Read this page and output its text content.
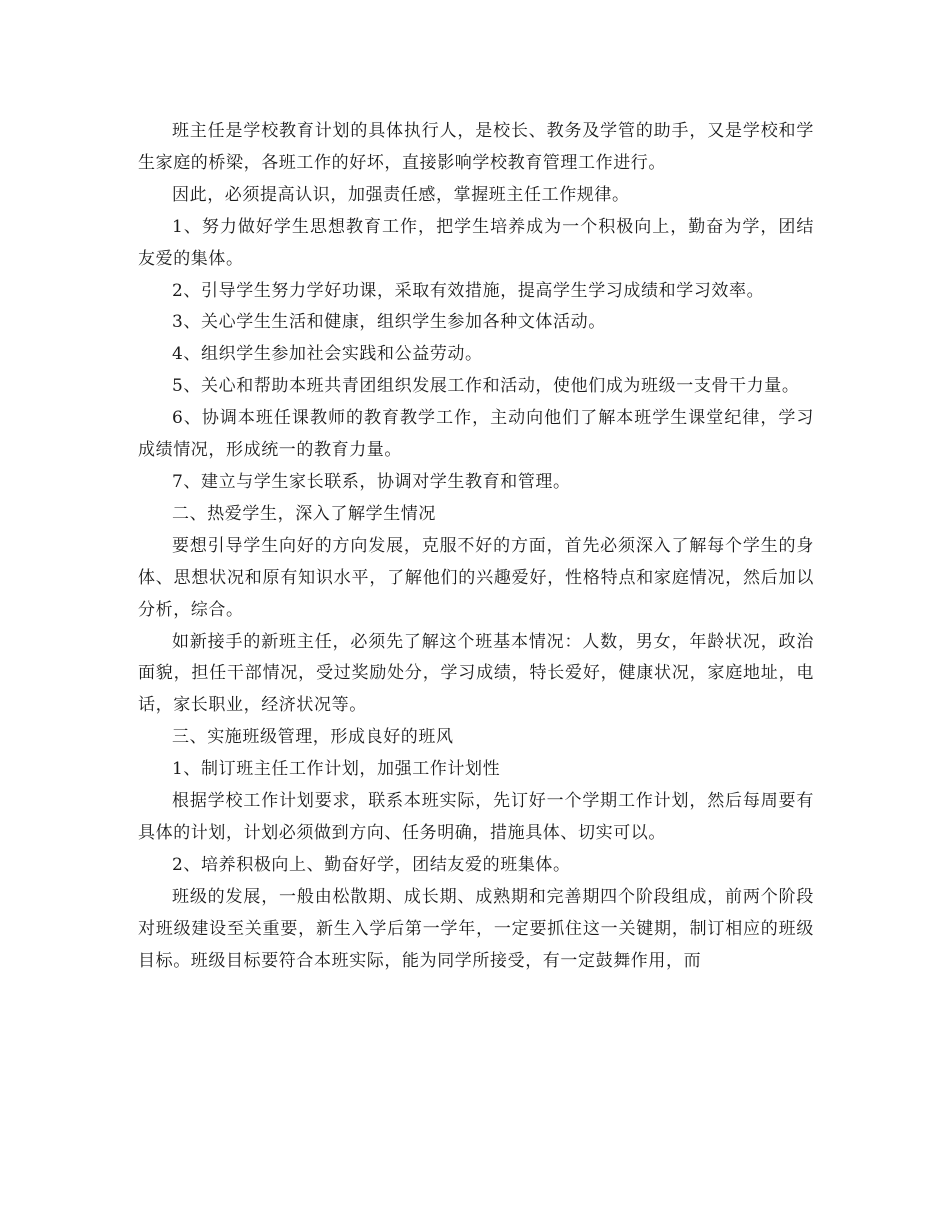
班主任是学校教育计划的具体执行人，是校长、教务及学管的助手，又是学校和学生家庭的桥梁，各班工作的好坏，直接影响学校教育管理工作进行。

因此，必须提高认识，加强责任感，掌握班主任工作规律。

1、努力做好学生思想教育工作，把学生培养成为一个积极向上，勤奋为学，团结友爱的集体。

2、引导学生努力学好功课，采取有效措施，提高学生学习成绩和学习效率。

3、关心学生生活和健康，组织学生参加各种文体活动。

4、组织学生参加社会实践和公益劳动。

5、关心和帮助本班共青团组织发展工作和活动，使他们成为班级一支骨干力量。

6、协调本班任课教师的教育教学工作，主动向他们了解本班学生课堂纪律，学习成绩情况，形成统一的教育力量。

7、建立与学生家长联系，协调对学生教育和管理。

二、热爱学生，深入了解学生情况

要想引导学生向好的方向发展，克服不好的方面，首先必须深入了解每个学生的身体、思想状况和原有知识水平，了解他们的兴趣爱好，性格特点和家庭情况，然后加以分析，综合。

如新接手的新班主任，必须先了解这个班基本情况：人数，男女，年龄状况，政治面貌，担任干部情况，受过奖励处分，学习成绩，特长爱好，健康状况，家庭地址，电话，家长职业，经济状况等。

三、实施班级管理，形成良好的班风

1、制订班主任工作计划，加强工作计划性

根据学校工作计划要求，联系本班实际，先订好一个学期工作计划，然后每周要有具体的计划，计划必须做到方向、任务明确，措施具体、切实可以。

2、培养积极向上、勤奋好学，团结友爱的班集体。

班级的发展，一般由松散期、成长期、成熟期和完善期四个阶段组成，前两个阶段对班级建设至关重要，新生入学后第一学年，一定要抓住这一关键期，制订相应的班级目标。班级目标要符合本班实际，能为同学所接受，有一定鼓舞作用，而
